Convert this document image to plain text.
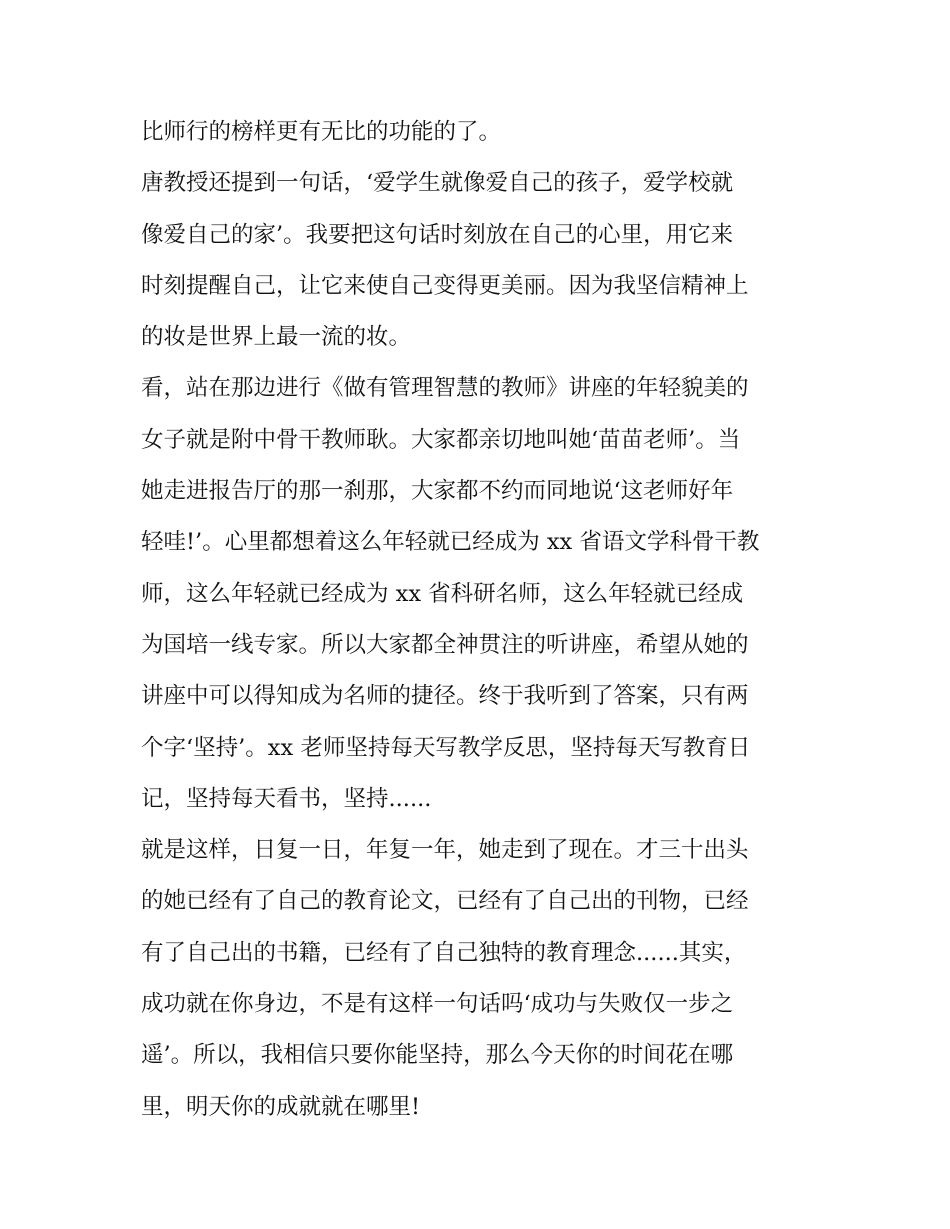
比师行的榜样更有无比的功能的了。
唐教授还提到一句话，‘爱学生就像爱自己的孩子，爱学校就
像爱自己的家’。我要把这句话时刻放在自己的心里，用它来
时刻提醒自己，让它来使自己变得更美丽。因为我坚信精神上
的妆是世界上最一流的妆。
看，站在那边进行《做有管理智慧的教师》讲座的年轻貌美的
女子就是附中骨干教师耿。大家都亲切地叫她‘苗苗老师’。当
她走进报告厅的那一刹那，大家都不约而同地说‘这老师好年
轻哇!’。心里都想着这么年轻就已经成为 xx 省语文学科骨干教
师，这么年轻就已经成为 xx 省科研名师，这么年轻就已经成
为国培一线专家。所以大家都全神贯注的听讲座，希望从她的
讲座中可以得知成为名师的捷径。终于我听到了答案，只有两
个字‘坚持’。xx 老师坚持每天写教学反思，坚持每天写教育日
记，坚持每天看书，坚持......
就是这样，日复一日，年复一年，她走到了现在。才三十出头
的她已经有了自己的教育论文，已经有了自己出的刊物，已经
有了自己出的书籍，已经有了自己独特的教育理念......其实，
成功就在你身边，不是有这样一句话吗‘成功与失败仅一步之
遥’。所以，我相信只要你能坚持，那么今天你的时间花在哪
里，明天你的成就就在哪里!
